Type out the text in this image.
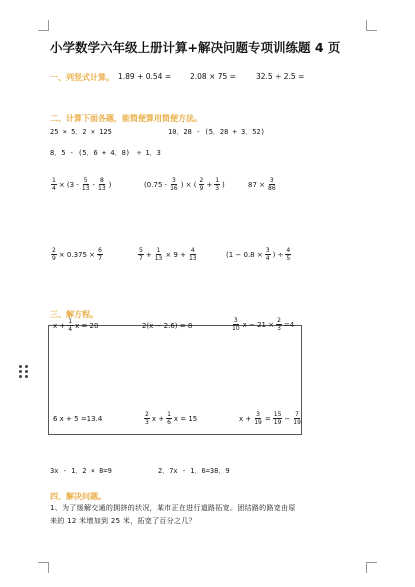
小学数学六年级上册计算+解决问题专项训练题 4 页
一、列竖式计算。 1.89 + 0.54 =	2.08 × 75 =	32.5 ÷ 2.5 =
二、计算下面各题，能简便算用简便方法。
25 × 5．2 × 125	10．28 - (5．28 + 3．52)
8．5 - (5．6 + 4．8)　÷ 1．3
$\frac{1}{4} \times (3 - \frac{5}{13} - \frac{8}{13}$ )	($0.75 - \frac{3}{16}$ ) × ( $\frac{2}{9} + \frac{1}{3}$ )	$87 \times \frac{3}{86}$
$\frac{2}{9} \times 0.375 \times \frac{6}{7}$	$\frac{5}{7} + \frac{1}{13} \times 9 + \frac{4}{13}$	($1 - 0.8 \times \frac{3}{4}$ ) ÷ $\frac{4}{5}$
三、解方程。
$x + \frac{1}{4}$ x = 20	2(x − 2.6) = 8	$\frac{3}{10}$ $x - 21 \times \frac{2}{3} =4$
6 x + 5 =13.4	$\frac{2}{3}$ $x + \frac{1}{6}$ x = 15	$x + \frac{3}{19} = \frac{15}{19} - \frac{7}{19}$
3x - 1．2 × 8=9	2．7x - 1．6=38．9
四、解决问题。
1、为了缓解交通的拥挤的状况，某市正在进行道路拓宽。团结路的路宽由原
来的 12 米增加到 25 米，拓宽了百分之几？
